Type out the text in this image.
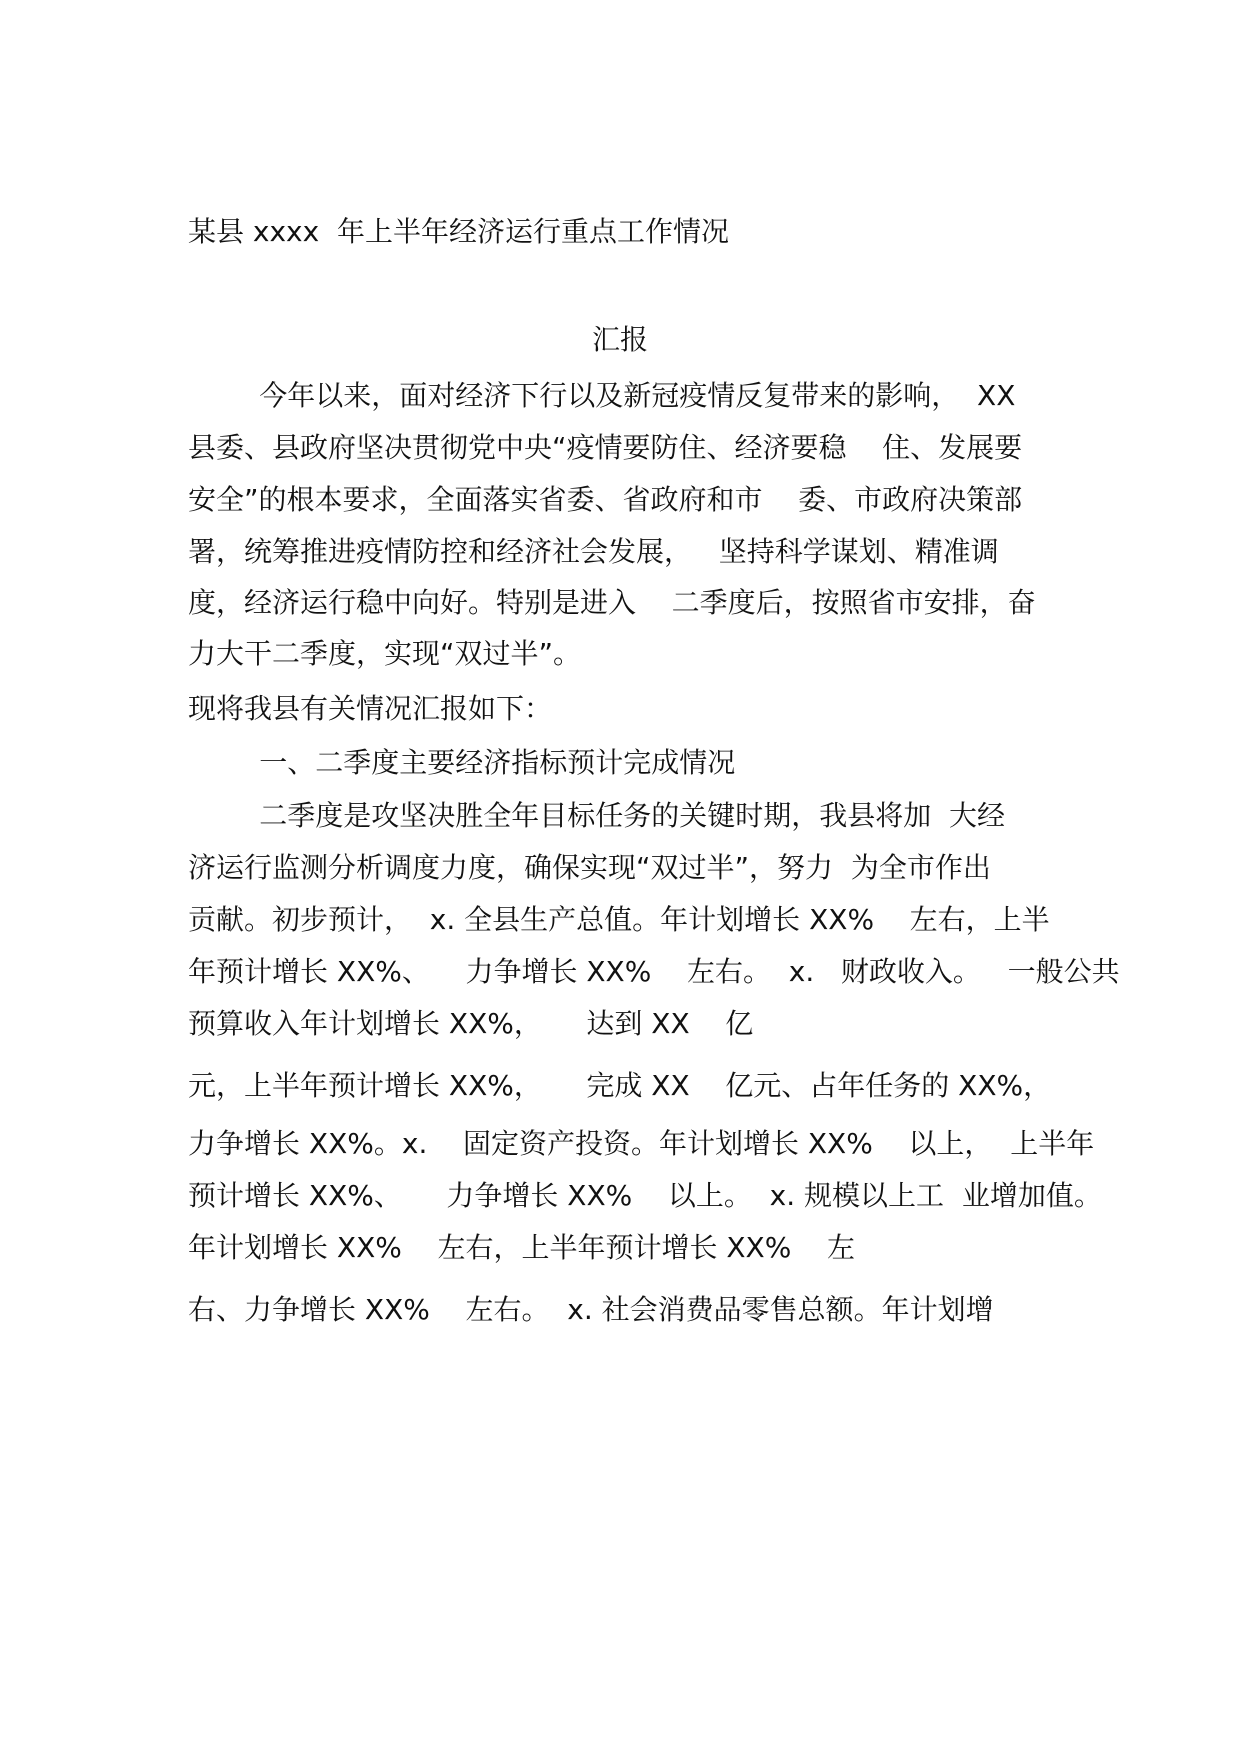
某县 xxxx  年上半年经济运行重点工作情况
汇报
今年以来，面对经济下行以及新冠疫情反复带来的影响，  XX
县委、县政府坚决贯彻党中央“疫情要防住、经济要稳    住、发展要
安全”的根本要求，全面落实省委、省政府和市    委、市政府决策部
署，统筹推进疫情防控和经济社会发展，   坚持科学谋划、精准调
度，经济运行稳中向好。特别是进入    二季度后，按照省市安排，奋
力大干二季度，实现“双过半”。
现将我县有关情况汇报如下：
一、二季度主要经济指标预计完成情况
二季度是攻坚决胜全年目标任务的关键时期，我县将加  大经
济运行监测分析调度力度，确保实现“双过半”，努力  为全市作出
贡献。初步预计，  x. 全县生产总值。年计划增长 XX%    左右，上半
年预计增长 XX%、    力争增长 XX%    左右。  x.   财政收入。   一般公共
预算收入年计划增长 XX%，     达到 XX    亿
元，上半年预计增长 XX%，     完成 XX    亿元、占年任务的 XX%，
力争增长 XX%。x.    固定资产投资。年计划增长 XX%    以上，  上半年
预计增长 XX%、     力争增长 XX%    以上。  x. 规模以上工  业增加值。
年计划增长 XX%    左右，上半年预计增长 XX%    左
右、力争增长 XX%    左右。  x. 社会消费品零售总额。年计划增
